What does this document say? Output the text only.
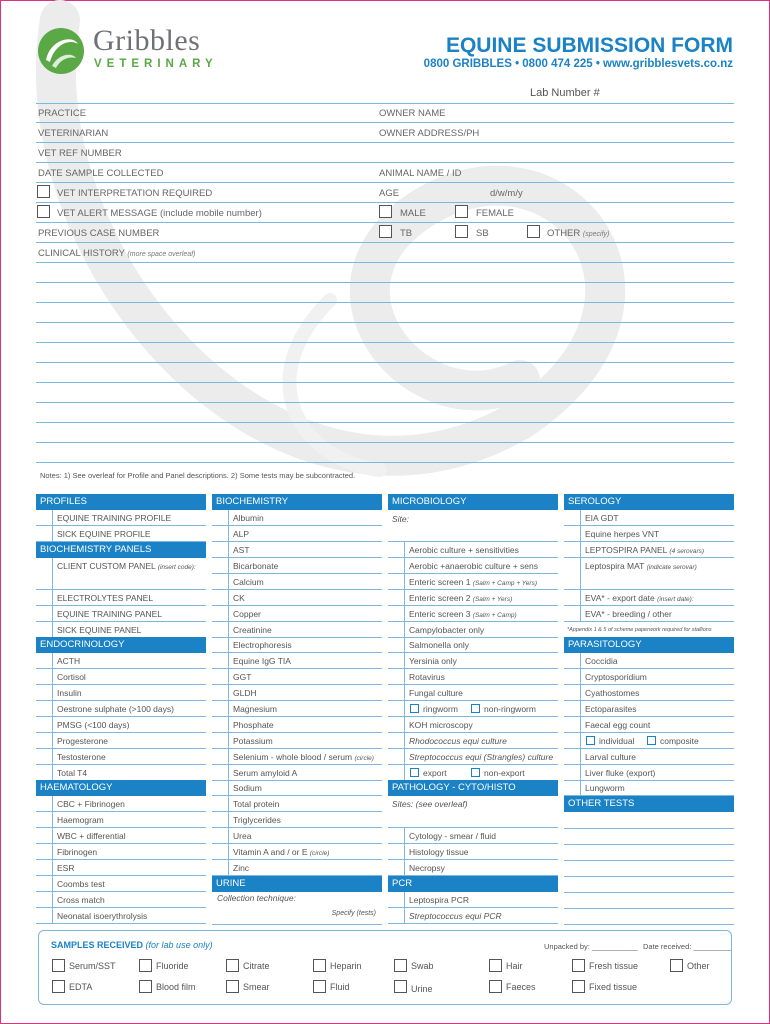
Gribbles
VETERINARY
EQUINE SUBMISSION FORM
0800 GRIBBLES • 0800 474 225 • www.gribblesvets.co.nz
Lab Number #
PRACTICE	OWNER NAME
VETERINARIAN	OWNER ADDRESS/PH
VET REF NUMBER
DATE SAMPLE COLLECTED	ANIMAL NAME / ID
VET INTERPRETATION REQUIRED	AGE	d/w/m/y
VET ALERT MESSAGE (include mobile number)	MALE	FEMALE
PREVIOUS CASE NUMBER	TB	SB	OTHER (specify)
CLINICAL HISTORY (more space overleaf)
Notes: 1) See overleaf for Profile and Panel descriptions. 2) Some tests may be subcontracted.
PROFILES
EQUINE TRAINING PROFILE
SICK EQUINE PROFILE
BIOCHEMISTRY PANELS
CLIENT CUSTOM PANEL (insert code):
ELECTROLYTES PANEL
EQUINE TRAINING PANEL
SICK EQUINE PANEL
ENDOCRINOLOGY
ACTH
Cortisol
Insulin
Oestrone sulphate (>100 days)
PMSG (<100 days)
Progesterone
Testosterone
Total T4
HAEMATOLOGY
CBC + Fibrinogen
Haemogram
WBC + differential
Fibrinogen
ESR
Coombs test
Cross match
Neonatal isoerythrolysis
BIOCHEMISTRY
Albumin
ALP
AST
Bicarbonate
Calcium
CK
Copper
Creatinine
Electrophoresis
Equine IgG TIA
GGT
GLDH
Magnesium
Phosphate
Potassium
Selenium - whole blood / serum (circle)
Serum amyloid A
Sodium
Total protein
Triglycerides
Urea
Vitamin A and / or E (circle)
Zinc
URINE
Collection technique:
Specify (tests)
MICROBIOLOGY
Site:
Aerobic culture + sensitivities
Aerobic +anaerobic culture + sens
Enteric screen 1 (Salm + Camp + Yers)
Enteric screen 2 (Salm + Yers)
Enteric screen 3 (Salm + Camp)
Campylobacter only
Salmonella only
Yersinia only
Rotavirus
Fungal culture
ringworm	non-ringworm
KOH microscopy
Rhodococcus equi culture
Streptococcus equi (Strangles) culture
export	non-export
PATHOLOGY - CYTO/HISTO
Sites: (see overleaf)
Cytology - smear / fluid
Histology tissue
Necropsy
PCR
Leptospira PCR
Streptococcus equi PCR
SEROLOGY
EIA GDT
Equine herpes VNT
LEPTOSPIRA PANEL (4 serovars)
Leptospira MAT (indicate serovar)
EVA* - export date (insert date):
EVA* - breeding / other
*Appendix 1 & 5 of scheme paperwork required for stallions
PARASITOLOGY
Coccidia
Cryptosporidium
Cyathostomes
Ectoparasites
Faecal egg count
individual	composite
Larval culture
Liver fluke (export)
Lungworm
OTHER TESTS
SAMPLES RECEIVED (for lab use only)	Unpacked by: ___________ Date received: _________
Serum/SST	Fluoride	Citrate	Heparin	Swab	Hair	Fresh tissue	Other
EDTA	Blood film	Smear	Fluid	Urine	Faeces	Fixed tissue
